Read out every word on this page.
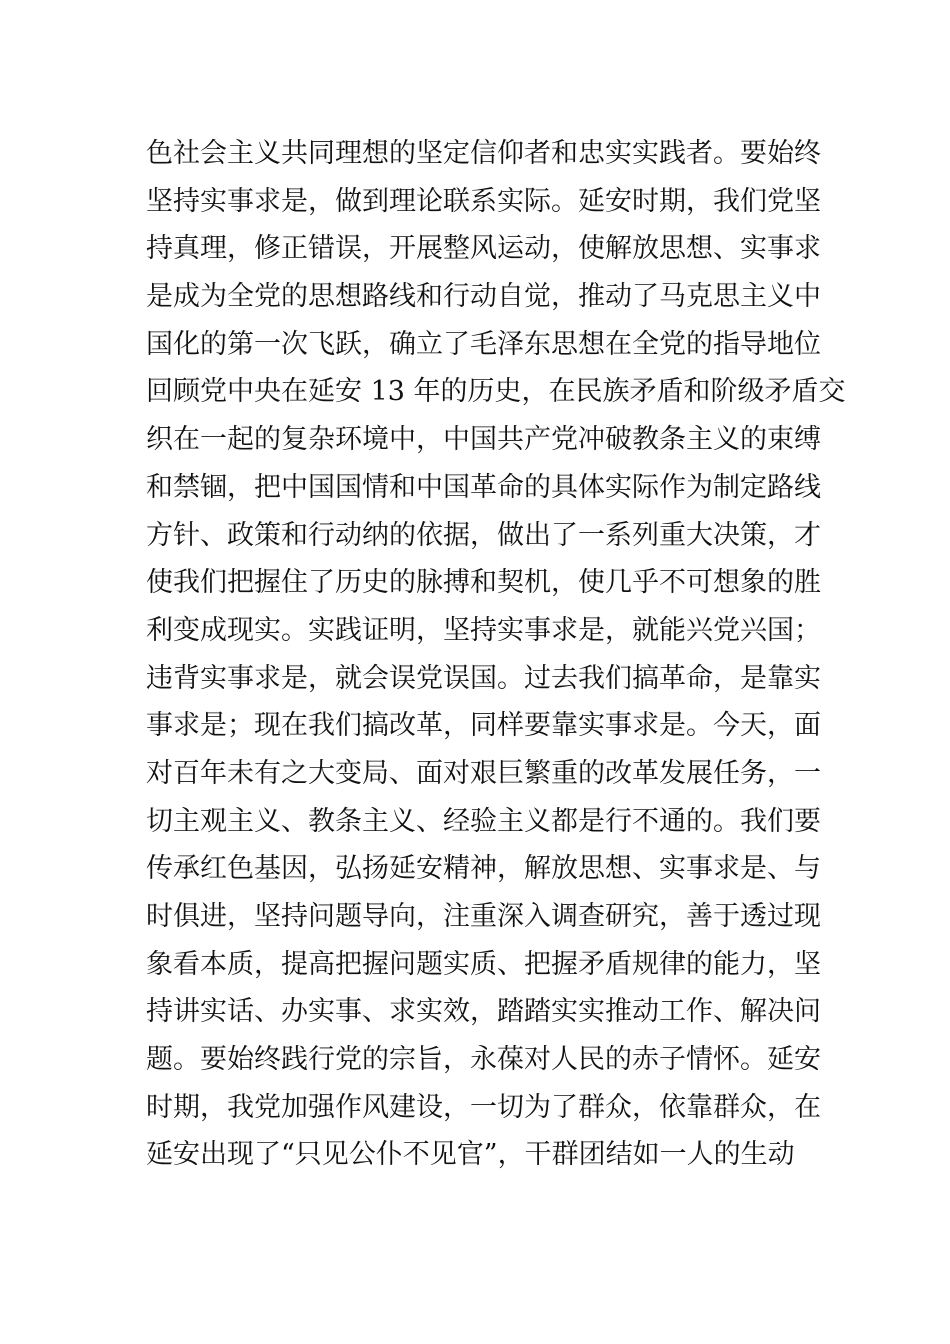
色社会主义共同理想的坚定信仰者和忠实实践者。要始终
坚持实事求是，做到理论联系实际。延安时期，我们党坚
持真理，修正错误，开展整风运动，使解放思想、实事求
是成为全党的思想路线和行动自觉，推动了马克思主义中
国化的第一次飞跃，确立了毛泽东思想在全党的指导地位
回顾党中央在延安 13 年的历史，在民族矛盾和阶级矛盾交
织在一起的复杂环境中，中国共产党冲破教条主义的束缚
和禁锢，把中国国情和中国革命的具体实际作为制定路线
方针、政策和行动纳的依据，做出了一系列重大决策，才
使我们把握住了历史的脉搏和契机，使几乎不可想象的胜
利变成现实。实践证明，坚持实事求是，就能兴党兴国；
违背实事求是，就会误党误国。过去我们搞革命，是靠实
事求是；现在我们搞改革，同样要靠实事求是。今天，面
对百年未有之大变局、面对艰巨繁重的改革发展任务，一
切主观主义、教条主义、经验主义都是行不通的。我们要
传承红色基因，弘扬延安精神，解放思想、实事求是、与
时俱进，坚持问题导向，注重深入调查研究，善于透过现
象看本质，提高把握问题实质、把握矛盾规律的能力，坚
持讲实话、办实事、求实效，踏踏实实推动工作、解决问
题。要始终践行党的宗旨，永葆对人民的赤子情怀。延安
时期，我党加强作风建设，一切为了群众，依靠群众，在
延安出现了“只见公仆不见官”，干群团结如一人的生动
